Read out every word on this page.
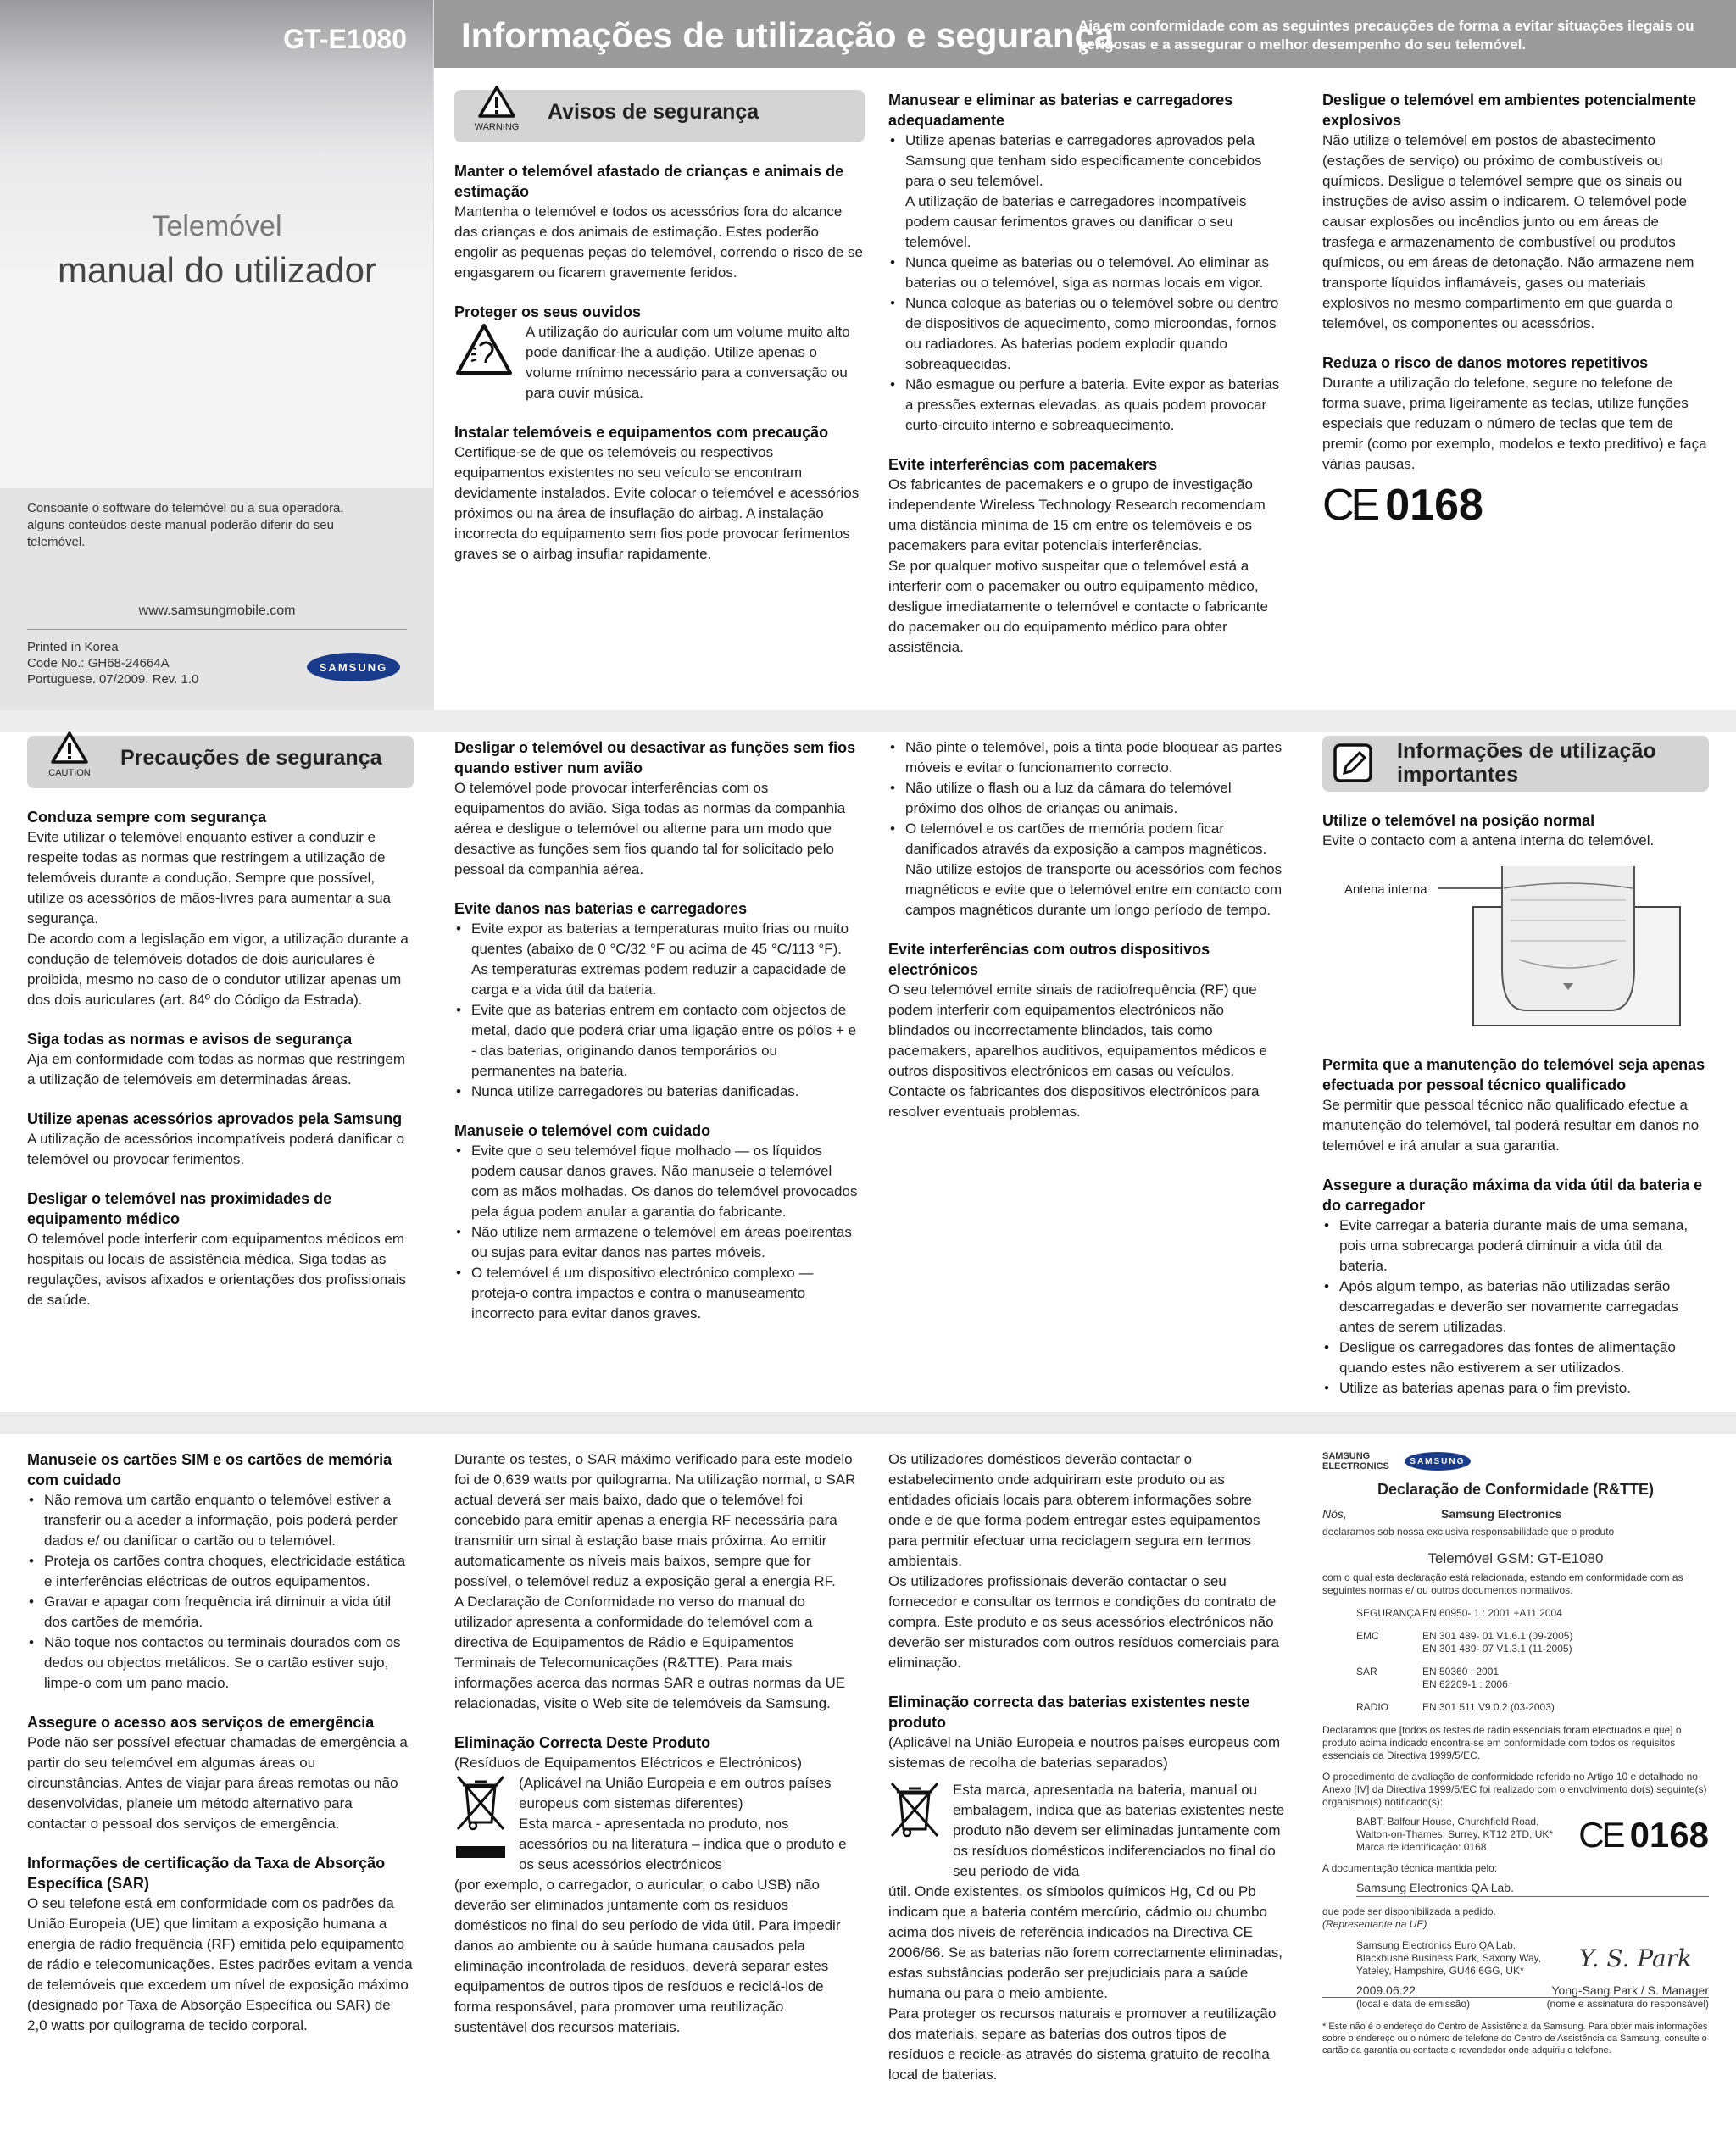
GT-E1080
Telemóvel
manual do utilizador
Consoante o software do telemóvel ou a sua operadora, alguns conteúdos deste manual poderão diferir do seu telemóvel.
www.samsungmobile.com
Printed in Korea
Code No.: GH68-24664A
Portuguese. 07/2009. Rev. 1.0
SAMSUNG
Informações de utilização e segurança
Aja em conformidade com as seguintes precauções de forma a evitar situações ilegais ou perigosas e a assegurar o melhor desempenho do seu telemóvel.
WARNING
Avisos de segurança
Manter o telemóvel afastado de crianças e animais de estimação

Mantenha o telemóvel e todos os acessórios fora do alcance das crianças e dos animais de estimação. Estes poderão engolir as pequenas peças do telemóvel, correndo o risco de se engasgarem ou ficarem gravemente feridos.

Proteger os seus ouvidos

A utilização do auricular com um volume muito alto pode danificar-lhe a audição. Utilize apenas o volume mínimo necessário para a conversação ou para ouvir música.

Instalar telemóveis e equipamentos com precaução

Certifique-se de que os telemóveis ou respectivos equipamentos existentes no seu veículo se encontram devidamente instalados. Evite colocar o telemóvel e acessórios próximos ou na área de insuflação do airbag. A instalação incorrecta do equipamento sem fios pode provocar ferimentos graves se o airbag insuflar rapidamente.

Manusear e eliminar as baterias e carregadores adequadamente
• Utilize apenas baterias e carregadores aprovados pela Samsung que tenham sido especificamente concebidos para o seu telemóvel.
A utilização de baterias e carregadores incompatíveis podem causar ferimentos graves ou danificar o seu telemóvel.
• Nunca queime as baterias ou o telemóvel. Ao eliminar as baterias ou o telemóvel, siga as normas locais em vigor.
• Nunca coloque as baterias ou o telemóvel sobre ou dentro de dispositivos de aquecimento, como microondas, fornos ou radiadores. As baterias podem explodir quando sobreaquecidas.
• Não esmague ou perfure a bateria. Evite expor as baterias a pressões externas elevadas, as quais podem provocar curto-circuito interno e sobreaquecimento.
Evite interferências com pacemakers

Os fabricantes de pacemakers e o grupo de investigação independente Wireless Technology Research recomendam uma distância mínima de 15 cm entre os telemóveis e os pacemakers para evitar potenciais interferências.

Se por qualquer motivo suspeitar que o telemóvel está a interferir com o pacemaker ou outro equipamento médico, desligue imediatamente o telemóvel e contacte o fabricante do pacemaker ou do equipamento médico para obter assistência.

Desligue o telemóvel em ambientes potencialmente explosivos

Não utilize o telemóvel em postos de abastecimento (estações de serviço) ou próximo de combustíveis ou químicos. Desligue o telemóvel sempre que os sinais ou instruções de aviso assim o indicarem. O telemóvel pode causar explosões ou incêndios junto ou em áreas de trasfega e armazenamento de combustível ou produtos químicos, ou em áreas de detonação. Não armazene nem transporte líquidos inflamáveis, gases ou materiais explosivos no mesmo compartimento em que guarda o telemóvel, os componentes ou acessórios.

Reduza o risco de danos motores repetitivos

Durante a utilização do telefone, segure no telefone de forma suave, prima ligeiramente as teclas, utilize funções especiais que reduzam o número de teclas que tem de premir (como por exemplo, modelos e texto preditivo) e faça várias pausas.

CE 0168
CAUTION
Precauções de segurança
Conduza sempre com segurança

Evite utilizar o telemóvel enquanto estiver a conduzir e respeite todas as normas que restringem a utilização de telemóveis durante a condução. Sempre que possível, utilize os acessórios de mãos-livres para aumentar a sua segurança.

De acordo com a legislação em vigor, a utilização durante a condução de telemóveis dotados de dois auriculares é proibida, mesmo no caso de o condutor utilizar apenas um dos dois auriculares (art. 84º do Código da Estrada).

Siga todas as normas e avisos de segurança

Aja em conformidade com todas as normas que restringem a utilização de telemóveis em determinadas áreas.

Utilize apenas acessórios aprovados pela Samsung

A utilização de acessórios incompatíveis poderá danificar o telemóvel ou provocar ferimentos.

Desligar o telemóvel nas proximidades de equipamento médico

O telemóvel pode interferir com equipamentos médicos em hospitais ou locais de assistência médica. Siga todas as regulações, avisos afixados e orientações dos profissionais de saúde.

Desligar o telemóvel ou desactivar as funções sem fios quando estiver num avião

O telemóvel pode provocar interferências com os equipamentos do avião. Siga todas as normas da companhia aérea e desligue o telemóvel ou alterne para um modo que desactive as funções sem fios quando tal for solicitado pelo pessoal da companhia aérea.

Evite danos nas baterias e carregadores
• Evite expor as baterias a temperaturas muito frias ou muito quentes (abaixo de 0 °C/32 °F ou acima de 45 °C/113 °F). As temperaturas extremas podem reduzir a capacidade de carga e a vida útil da bateria.
• Evite que as baterias entrem em contacto com objectos de metal, dado que poderá criar uma ligação entre os pólos + e - das baterias, originando danos temporários ou permanentes na bateria.
• Nunca utilize carregadores ou baterias danificadas.
Manuseie o telemóvel com cuidado
• Evite que o seu telemóvel fique molhado — os líquidos podem causar danos graves. Não manuseie o telemóvel com as mãos molhadas. Os danos do telemóvel provocados pela água podem anular a garantia do fabricante.
• Não utilize nem armazene o telemóvel em áreas poeirentas ou sujas para evitar danos nas partes móveis.
• O telemóvel é um dispositivo electrónico complexo — proteja-o contra impactos e contra o manuseamento incorrecto para evitar danos graves.
• Não pinte o telemóvel, pois a tinta pode bloquear as partes móveis e evitar o funcionamento correcto.
• Não utilize o flash ou a luz da câmara do telemóvel próximo dos olhos de crianças ou animais.
• O telemóvel e os cartões de memória podem ficar danificados através da exposição a campos magnéticos. Não utilize estojos de transporte ou acessórios com fechos magnéticos e evite que o telemóvel entre em contacto com campos magnéticos durante um longo período de tempo.
Evite interferências com outros dispositivos electrónicos

O seu telemóvel emite sinais de radiofrequência (RF) que podem interferir com equipamentos electrónicos não blindados ou incorrectamente blindados, tais como pacemakers, aparelhos auditivos, equipamentos médicos e outros dispositivos electrónicos em casas ou veículos. Contacte os fabricantes dos dispositivos electrónicos para resolver eventuais problemas.

Informações de utilização importantes
Utilize o telemóvel na posição normal

Evite o contacto com a antena interna do telemóvel.

Antena interna
Permita que a manutenção do telemóvel seja apenas efectuada por pessoal técnico qualificado

Se permitir que pessoal técnico não qualificado efectue a manutenção do telemóvel, tal poderá resultar em danos no telemóvel e irá anular a sua garantia.

Assegure a duração máxima da vida útil da bateria e do carregador
• Evite carregar a bateria durante mais de uma semana, pois uma sobrecarga poderá diminuir a vida útil da bateria.
• Após algum tempo, as baterias não utilizadas serão descarregadas e deverão ser novamente carregadas antes de serem utilizadas.
• Desligue os carregadores das fontes de alimentação quando estes não estiverem a ser utilizados.
• Utilize as baterias apenas para o fim previsto.
Manuseie os cartões SIM e os cartões de memória com cuidado
• Não remova um cartão enquanto o telemóvel estiver a transferir ou a aceder a informação, pois poderá perder dados e/ ou danificar o cartão ou o telemóvel.
• Proteja os cartões contra choques, electricidade estática e interferências eléctricas de outros equipamentos.
• Gravar e apagar com frequência irá diminuir a vida útil dos cartões de memória.
• Não toque nos contactos ou terminais dourados com os dedos ou objectos metálicos. Se o cartão estiver sujo, limpe-o com um pano macio.
Assegure o acesso aos serviços de emergência

Pode não ser possível efectuar chamadas de emergência a partir do seu telemóvel em algumas áreas ou circunstâncias. Antes de viajar para áreas remotas ou não desenvolvidas, planeie um método alternativo para contactar o pessoal dos serviços de emergência.

Informações de certificação da Taxa de Absorção Específica (SAR)

O seu telefone está em conformidade com os padrões da União Europeia (UE) que limitam a exposição humana a energia de rádio frequência (RF) emitida pelo equipamento de rádio e telecomunicações. Estes padrões evitam a venda de telemóveis que excedem um nível de exposição máximo (designado por Taxa de Absorção Específica ou SAR) de 2,0 watts por quilograma de tecido corporal.

Durante os testes, o SAR máximo verificado para este modelo foi de 0,639 watts por quilograma. Na utilização normal, o SAR actual deverá ser mais baixo, dado que o telemóvel foi concebido para emitir apenas a energia RF necessária para transmitir um sinal à estação base mais próxima. Ao emitir automaticamente os níveis mais baixos, sempre que for possível, o telemóvel reduz a exposição geral a energia RF.

A Declaração de Conformidade no verso do manual do utilizador apresenta a conformidade do telemóvel com a directiva de Equipamentos de Rádio e Equipamentos Terminais de Telecomunicações (R&TTE). Para mais informações acerca das normas SAR e outras normas da UE relacionadas, visite o Web site de telemóveis da Samsung.

Eliminação Correcta Deste Produto

(Resíduos de Equipamentos Eléctricos e Electrónicos)

(Aplicável na União Europeia e em outros países europeus com sistemas diferentes)

Esta marca - apresentada no produto, nos acessórios ou na literatura – indica que o produto e os seus acessórios electrónicos

(por exemplo, o carregador, o auricular, o cabo USB) não deverão ser eliminados juntamente com os resíduos domésticos no final do seu período de vida útil. Para impedir danos ao ambiente ou à saúde humana causados pela eliminação incontrolada de resíduos, deverá separar estes equipamentos de outros tipos de resíduos e reciclá-los de forma responsável, para promover uma reutilização sustentável dos recursos materiais.

Os utilizadores domésticos deverão contactar o estabelecimento onde adquiriram este produto ou as entidades oficiais locais para obterem informações sobre onde e de que forma podem entregar estes equipamentos para permitir efectuar uma reciclagem segura em termos ambientais.

Os utilizadores profissionais deverão contactar o seu fornecedor e consultar os termos e condições do contrato de compra. Este produto e os seus acessórios electrónicos não deverão ser misturados com outros resíduos comerciais para eliminação.

Eliminação correcta das baterias existentes neste produto

(Aplicável na União Europeia e noutros países europeus com sistemas de recolha de baterias separados)

Esta marca, apresentada na bateria, manual ou embalagem, indica que as baterias existentes neste produto não devem ser eliminadas juntamente com os resíduos domésticos indiferenciados no final do seu período de vida

útil. Onde existentes, os símbolos químicos Hg, Cd ou Pb indicam que a bateria contém mercúrio, cádmio ou chumbo acima dos níveis de referência indicados na Directiva CE 2006/66. Se as baterias não forem correctamente eliminadas, estas substâncias poderão ser prejudiciais para a saúde humana ou para o meio ambiente.

Para proteger os recursos naturais e promover a reutilização dos materiais, separe as baterias dos outros tipos de resíduos e recicle-as através do sistema gratuito de recolha local de baterias.

SAMSUNG
ELECTRONICS	SAMSUNG
Declaração de Conformidade (R&TTE)
Nós,	Samsung Electronics
declaramos sob nossa exclusiva responsabilidade que o produto
Telemóvel GSM: GT-E1080
com o qual esta declaração está relacionada, estando em conformidade com as seguintes normas e/ ou outros documentos normativos.
SEGURANÇA EN 60950- 1 : 2001 +A11:2004
EMC	EN 301 489- 01 V1.6.1 (09-2005)
EN 301 489- 07 V1.3.1 (11-2005)
SAR	EN 50360 : 2001
EN 62209-1 : 2006
RADIO	EN 301 511 V9.0.2 (03-2003)
Declaramos que [todos os testes de rádio essenciais foram efectuados e que] o produto acima indicado encontra-se em conformidade com todos os requisitos essenciais da Directiva 1999/5/EC.
O procedimento de avaliação de conformidade referido no Artigo 10 e detalhado no Anexo [IV] da Directiva 1999/5/EC foi realizado com o envolvimento do(s) seguinte(s) organismo(s) notificado(s):
BABT, Balfour House, Churchfield Road,
Walton-on-Thames, Surrey, KT12 2TD, UK*
Marca de identificação: 0168	CE 0168
A documentação técnica mantida pelo:
Samsung Electronics QA Lab.
que pode ser disponibilizada a pedido.
(Representante na UE)
Samsung Electronics Euro QA Lab.
Blackbushe Business Park, Saxony Way,
Yateley, Hampshire, GU46 6GG, UK*	Y. S. Park
2009.06.22	Yong-Sang Park / S. Manager
(local e data de emissão)	(nome e assinatura do responsável)
* Este não é o endereço do Centro de Assistência da Samsung. Para obter mais informações sobre o endereço ou o número de telefone do Centro de Assistência da Samsung, consulte o cartão da garantia ou contacte o revendedor onde adquiriu o telefone.
